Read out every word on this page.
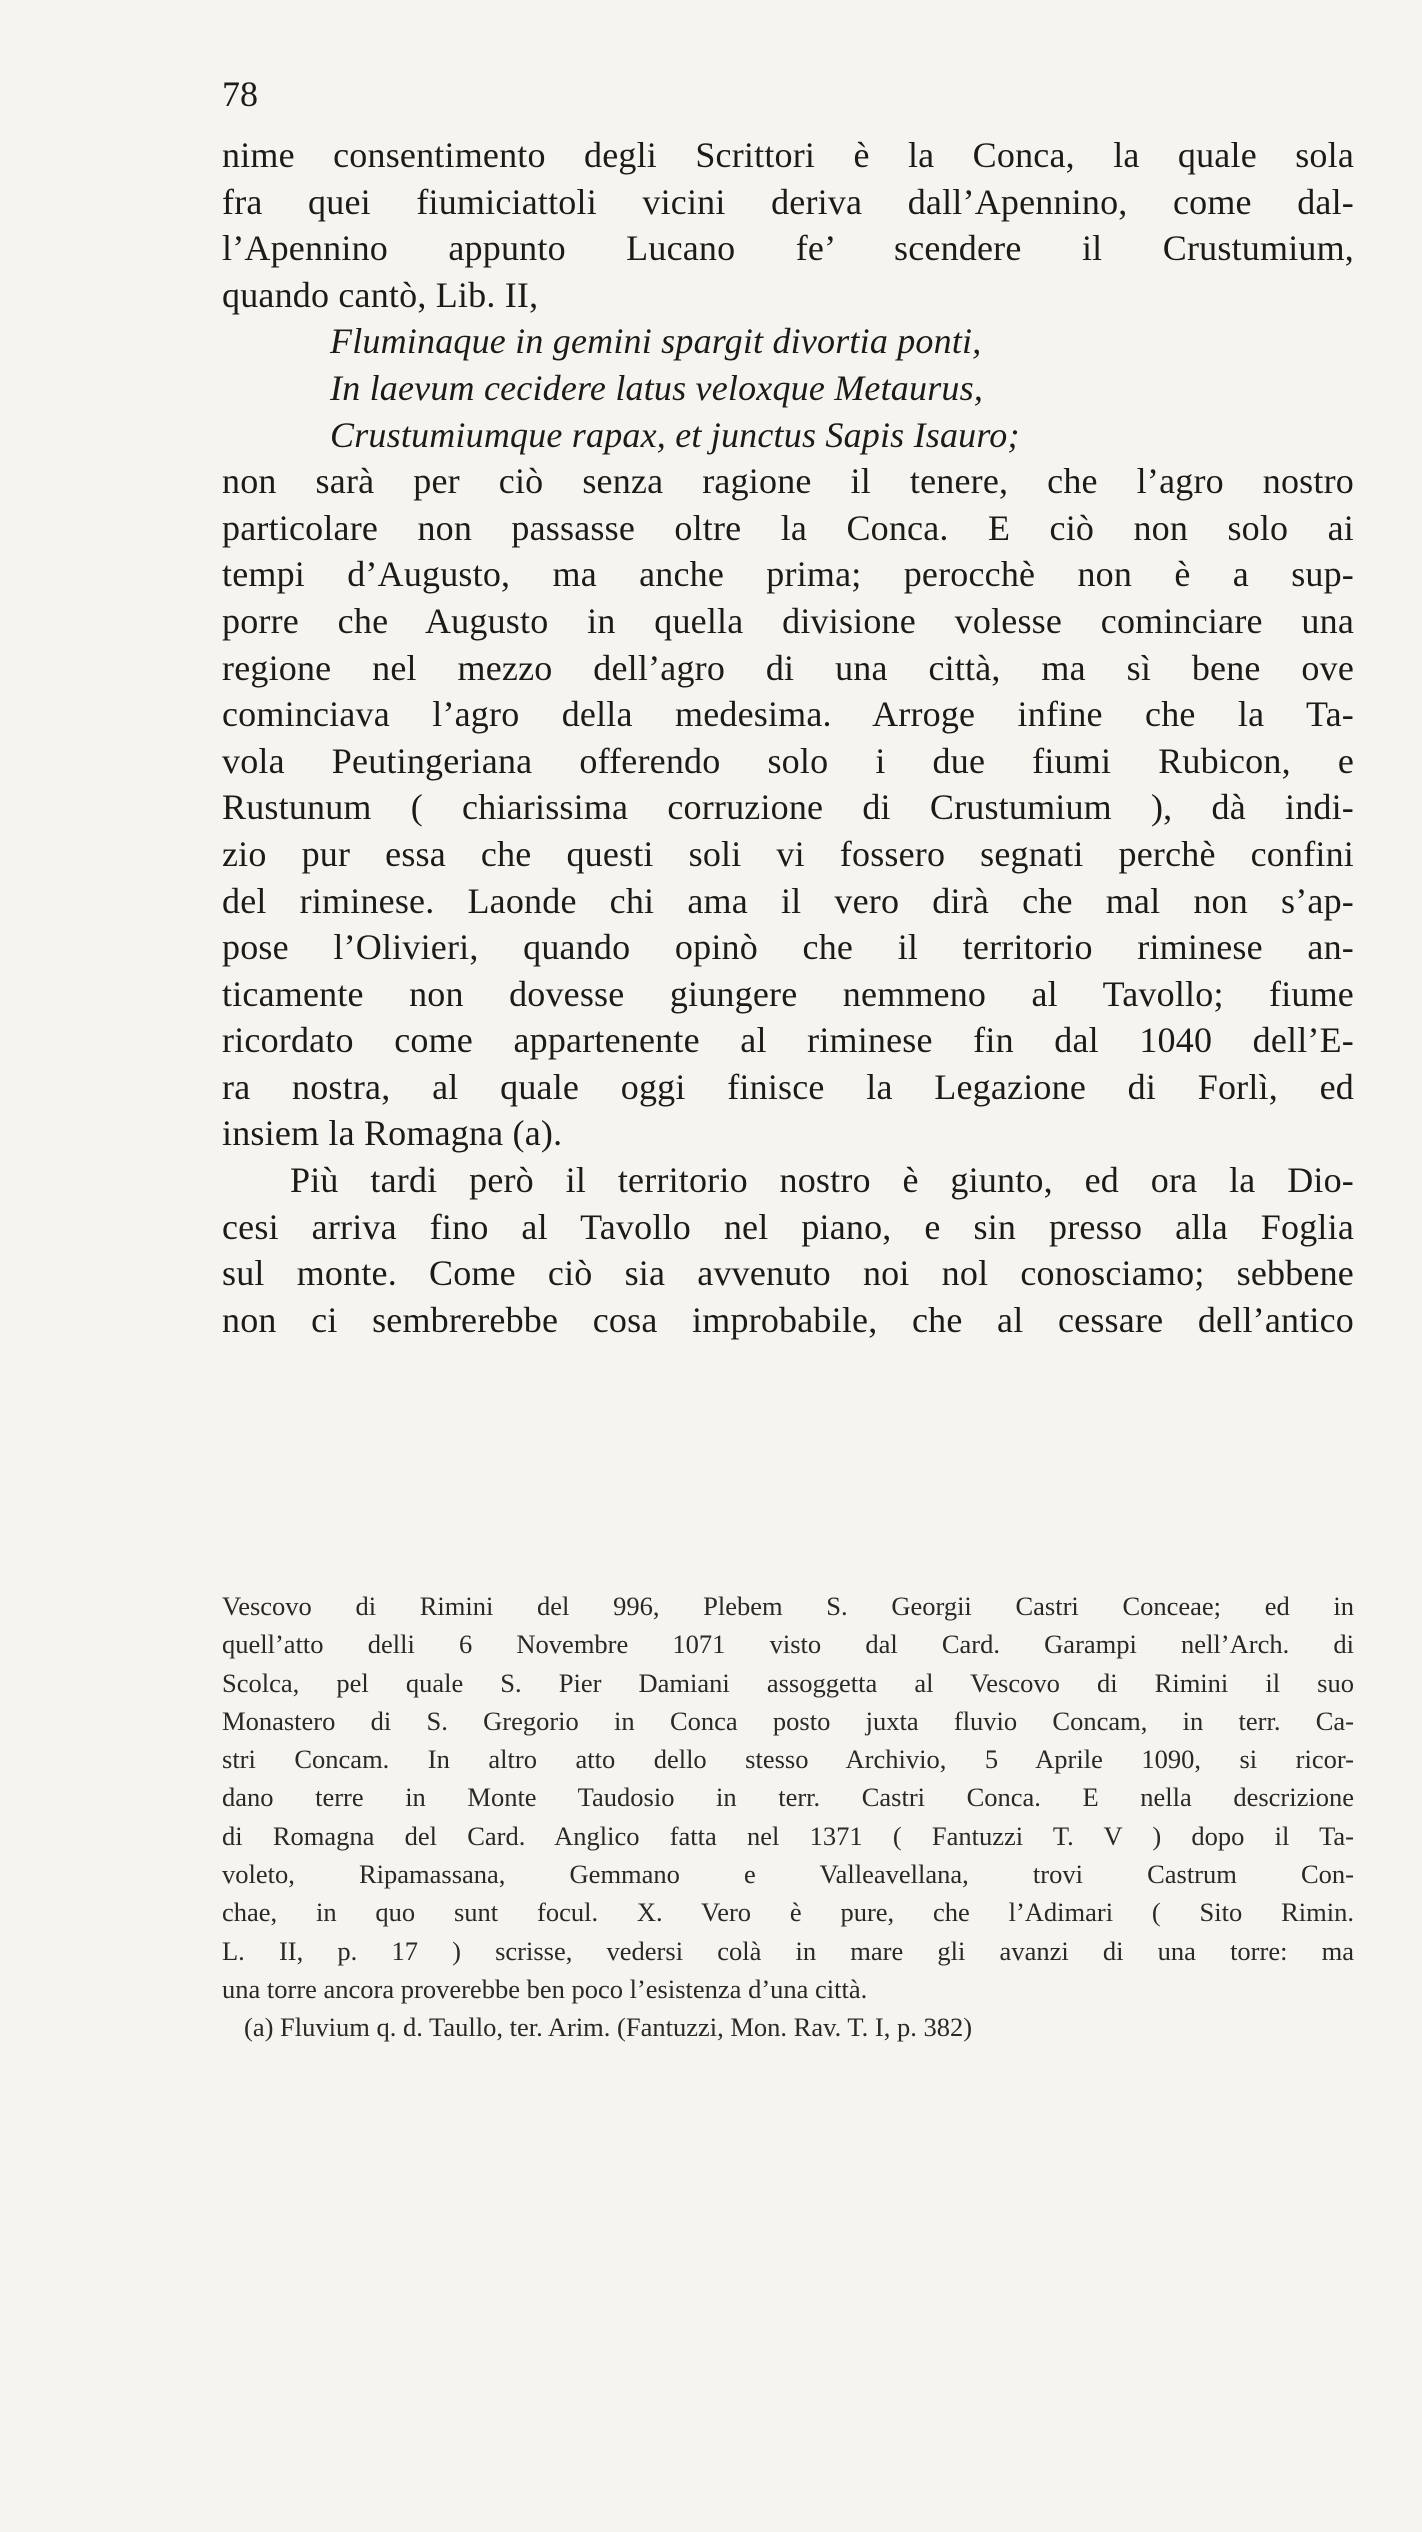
78
nime consentimento degli Scrittori è la Conca, la quale sola
fra quei fiumiciattoli vicini deriva dall’Apennino, come dal-
l’Apennino appunto Lucano fe’ scendere il Crustumium,
quando cantò, Lib. II,
Fluminaque in gemini spargit divortia ponti,
In laevum cecidere latus veloxque Metaurus,
Crustumiumque rapax, et junctus Sapis Isauro;
non sarà per ciò senza ragione il tenere, che l’agro nostro
particolare non passasse oltre la Conca. E ciò non solo ai
tempi d’Augusto, ma anche prima; perocchè non è a sup-
porre che Augusto in quella divisione volesse cominciare una
regione nel mezzo dell’agro di una città, ma sì bene ove
cominciava l’agro della medesima. Arroge infine che la Ta-
vola Peutingeriana offerendo solo i due fiumi Rubicon, e
Rustunum ( chiarissima corruzione di Crustumium ), dà indi-
zio pur essa che questi soli vi fossero segnati perchè confini
del riminese. Laonde chi ama il vero dirà che mal non s’ap-
pose l’Olivieri, quando opinò che il territorio riminese an-
ticamente non dovesse giungere nemmeno al Tavollo; fiume
ricordato come appartenente al riminese fin dal 1040 dell’E-
ra nostra, al quale oggi finisce la Legazione di Forlì, ed
insiem la Romagna (a).
Più tardi però il territorio nostro è giunto, ed ora la Dio-
cesi arriva fino al Tavollo nel piano, e sin presso alla Foglia
sul monte. Come ciò sia avvenuto noi nol conosciamo; sebbene
non ci sembrerebbe cosa improbabile, che al cessare dell’antico
Vescovo di Rimini del 996, Plebem S. Georgii Castri Conceae; ed in
quell’atto delli 6 Novembre 1071 visto dal Card. Garampi nell’Arch. di
Scolca, pel quale S. Pier Damiani assoggetta al Vescovo di Rimini il suo
Monastero di S. Gregorio in Conca posto juxta fluvio Concam, in terr. Ca-
stri Concam. In altro atto dello stesso Archivio, 5 Aprile 1090, si ricor-
dano terre in Monte Taudosio in terr. Castri Conca. E nella descrizione
di Romagna del Card. Anglico fatta nel 1371 ( Fantuzzi T. V ) dopo il Ta-
voleto, Ripamassana, Gemmano e Valleavellana, trovi Castrum Con-
chae, in quo sunt focul. X. Vero è pure, che l’Adimari ( Sito Rimin.
L. II, p. 17 ) scrisse, vedersi colà in mare gli avanzi di una torre: ma
una torre ancora proverebbe ben poco l’esistenza d’una città.
(a) Fluvium q. d. Taullo, ter. Arim. (Fantuzzi, Mon. Rav. T. I, p. 382)
